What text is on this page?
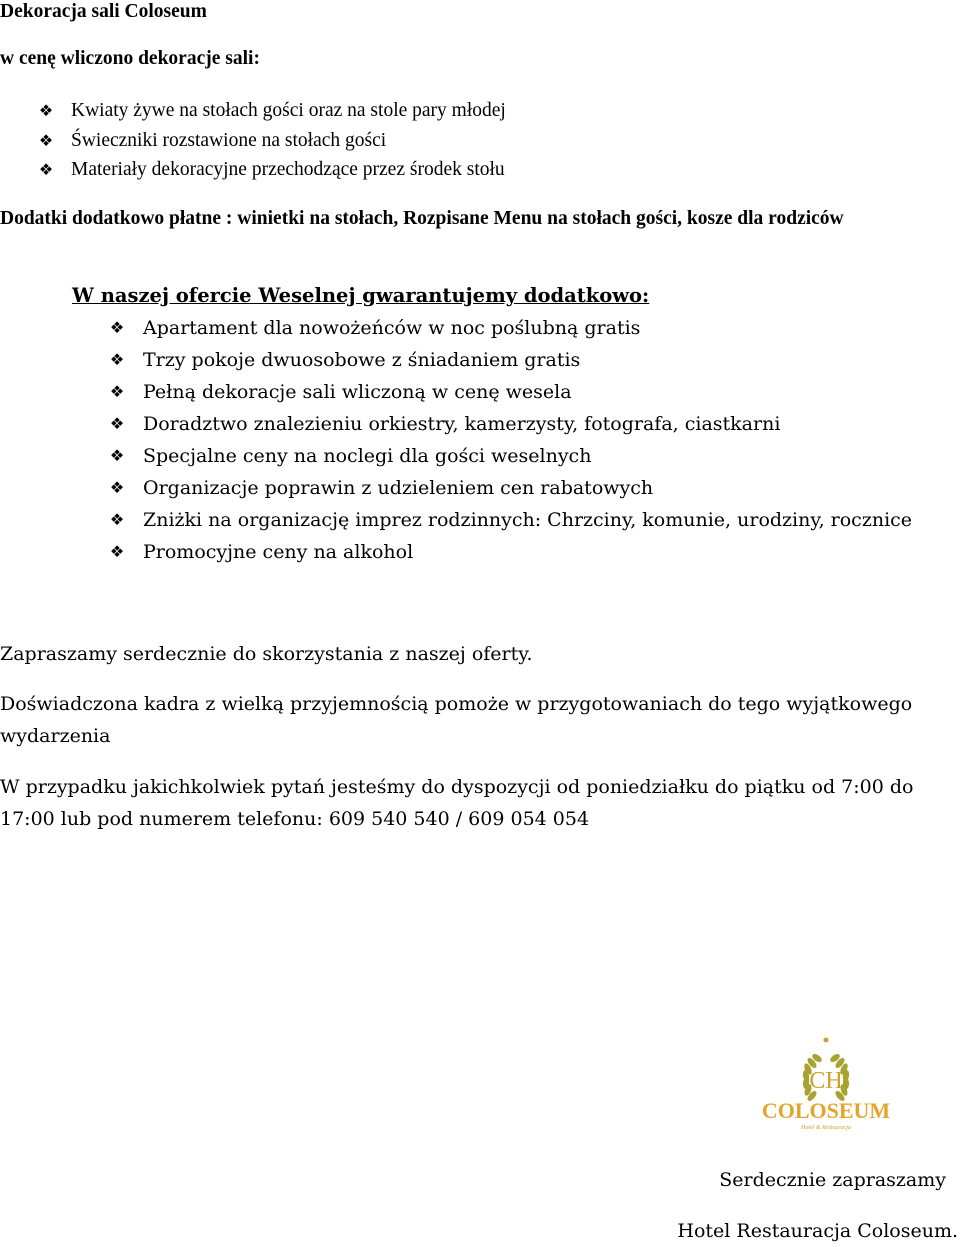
Dekoracja sali Coloseum
w cenę wliczono dekoracje sali:
❖ Kwiaty żywe na stołach gości oraz na stole pary młodej
❖ Świeczniki rozstawione na stołach gości
❖ Materiały dekoracyjne przechodzące przez środek stołu
Dodatki dodatkowo płatne : winietki na stołach, Rozpisane Menu na stołach gości, kosze dla rodziców
W naszej ofercie Weselnej gwarantujemy dodatkowo:
❖ Apartament dla nowożeńców w noc poślubną gratis
❖ Trzy pokoje dwuosobowe z śniadaniem gratis
❖ Pełną dekoracje sali wliczoną w cenę wesela
❖ Doradztwo znalezieniu orkiestry, kamerzysty, fotografa, ciastkarni
❖ Specjalne ceny na noclegi dla gości weselnych
❖ Organizacje poprawin z udzieleniem cen rabatowych
❖ Zniżki na organizację imprez rodzinnych: Chrzciny, komunie, urodziny, rocznice
❖ Promocyjne ceny na alkohol
Zapraszamy serdecznie do skorzystania z naszej oferty.
Doświadczona kadra z wielką przyjemnością pomoże w przygotowaniach do tego wyjątkowego wydarzenia
W przypadku jakichkolwiek pytań jesteśmy do dyspozycji od poniedziałku do piątku od 7:00 do 17:00 lub pod numerem telefonu: 609 540 540 / 609 054 054
CH
COLOSEUM
Hotel & Restauracja
Serdecznie zapraszamy
Hotel Restauracja Coloseum.
